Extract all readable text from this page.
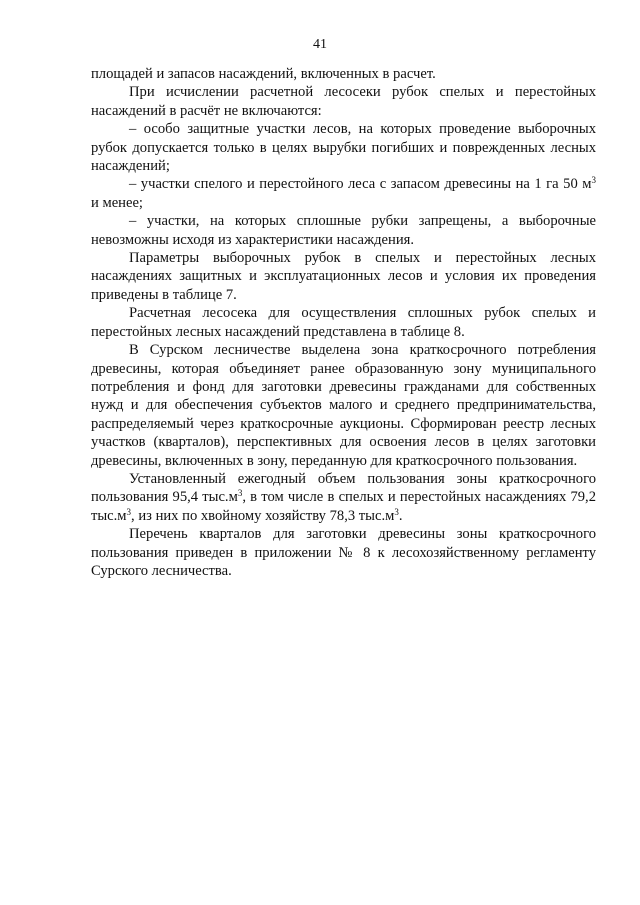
41

площадей и запасов насаждений, включенных в расчет.

При исчислении расчетной лесосеки рубок спелых и перестойных насаждений в расчёт не включаются:

– особо защитные участки лесов, на которых проведение выборочных рубок допускается только в целях вырубки погибших и поврежденных лесных насаждений;

– участки спелого и перестойного леса с запасом древесины на 1 га 50 $м^3$ и менее;

– участки, на которых сплошные рубки запрещены, а выборочные невозможны исходя из характеристики насаждения.

Параметры выборочных рубок в спелых и перестойных лесных насаждениях защитных и эксплуатационных лесов и условия их проведения приведены в таблице 7.

Расчетная лесосека для осуществления сплошных рубок спелых и перестойных лесных насаждений представлена в таблице 8.

В Сурском лесничестве выделена зона краткосрочного потребления древесины, которая объединяет ранее образованную зону муниципального потребления и фонд для заготовки древесины гражданами для собственных нужд и для обеспечения субъектов малого и среднего предпринимательства, распределяемый через краткосрочные аукционы. Сформирован реестр лесных участков (кварталов), перспективных для освоения лесов в целях заготовки древесины, включенных в зону, переданную для краткосрочного пользования.

Установленный ежегодный объем пользования зоны краткосрочного пользования 95,4 $тыс.м^3$, в том числе в спелых и перестойных насаждениях 79,2 $тыс.м^3$, из них по хвойному хозяйству 78,3 $тыс.м^3$.

Перечень кварталов для заготовки древесины зоны краткосрочного пользования приведен в приложении № 8 к лесохозяйственному регламенту Сурского лесничества.
